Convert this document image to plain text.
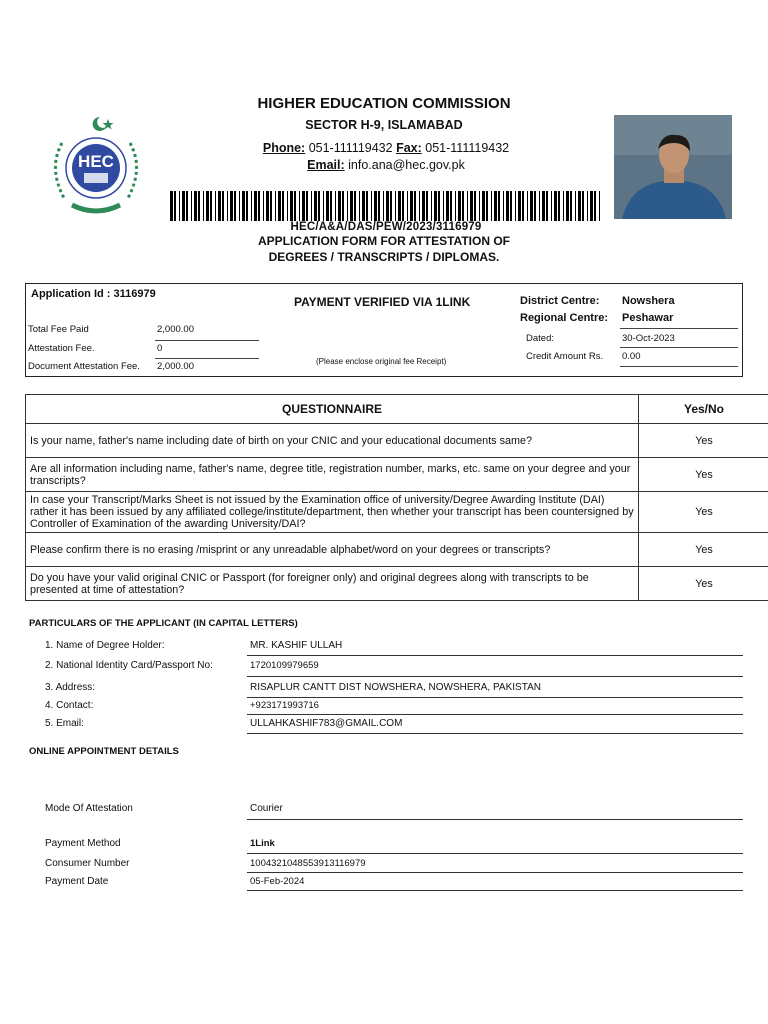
HIGHER EDUCATION COMMISSION
SECTOR H-9, ISLAMABAD
Phone: 051-111119432 Fax: 051-111119432
Email: info.ana@hec.gov.pk
HEC
HEC/A&A/DAS/PEW/2023/3116979
APPLICATION FORM FOR ATTESTATION OF
DEGREES / TRANSCRIPTS / DIPLOMAS.
Application Id : 3116979
PAYMENT VERIFIED VIA 1LINK
(Please enclose original fee Receipt)
Total Fee Paid	2,000.00
Attestation Fee.	0
Document Attestation Fee. 2,000.00
District Centre: Nowshera
Regional Centre: Peshawar
Dated:	30-Oct-2023
Credit Amount Rs. 0.00
QUESTIONNAIRE	Yes/No
Is your name, father's name including date of birth on your CNIC and your educational documents same?	Yes
Are all information including name, father's name, degree title, registration number, marks, etc. same on your degree and your transcripts?	Yes
In case your Transcript/Marks Sheet is not issued by the Examination office of university/Degree Awarding Institute (DAI) rather it has been issued by any affiliated college/institute/department, then whether your transcript has been countersigned by Controller of Examination of the awarding University/DAI?	Yes
Please confirm there is no erasing /misprint or any unreadable alphabet/word on your degrees or transcripts?	Yes
Do you have your valid original CNIC or Passport (for foreigner only) and original degrees along with transcripts to be presented at time of attestation?	Yes
PARTICULARS OF THE APPLICANT (IN CAPITAL LETTERS)
1. Name of Degree Holder:	MR. KASHIF ULLAH
2. National Identity Card/Passport No:	1720109979659
3. Address:	RISAPLUR CANTT DIST NOWSHERA, NOWSHERA, PAKISTAN
4. Contact:	+923171993716
5. Email:	ULLAHKASHIF783@GMAIL.COM
ONLINE APPOINTMENT DETAILS
Mode Of Attestation	Courier
Payment Method	1Link
Consumer Number	100432104855391311697​9
Payment Date	05-Feb-2024
